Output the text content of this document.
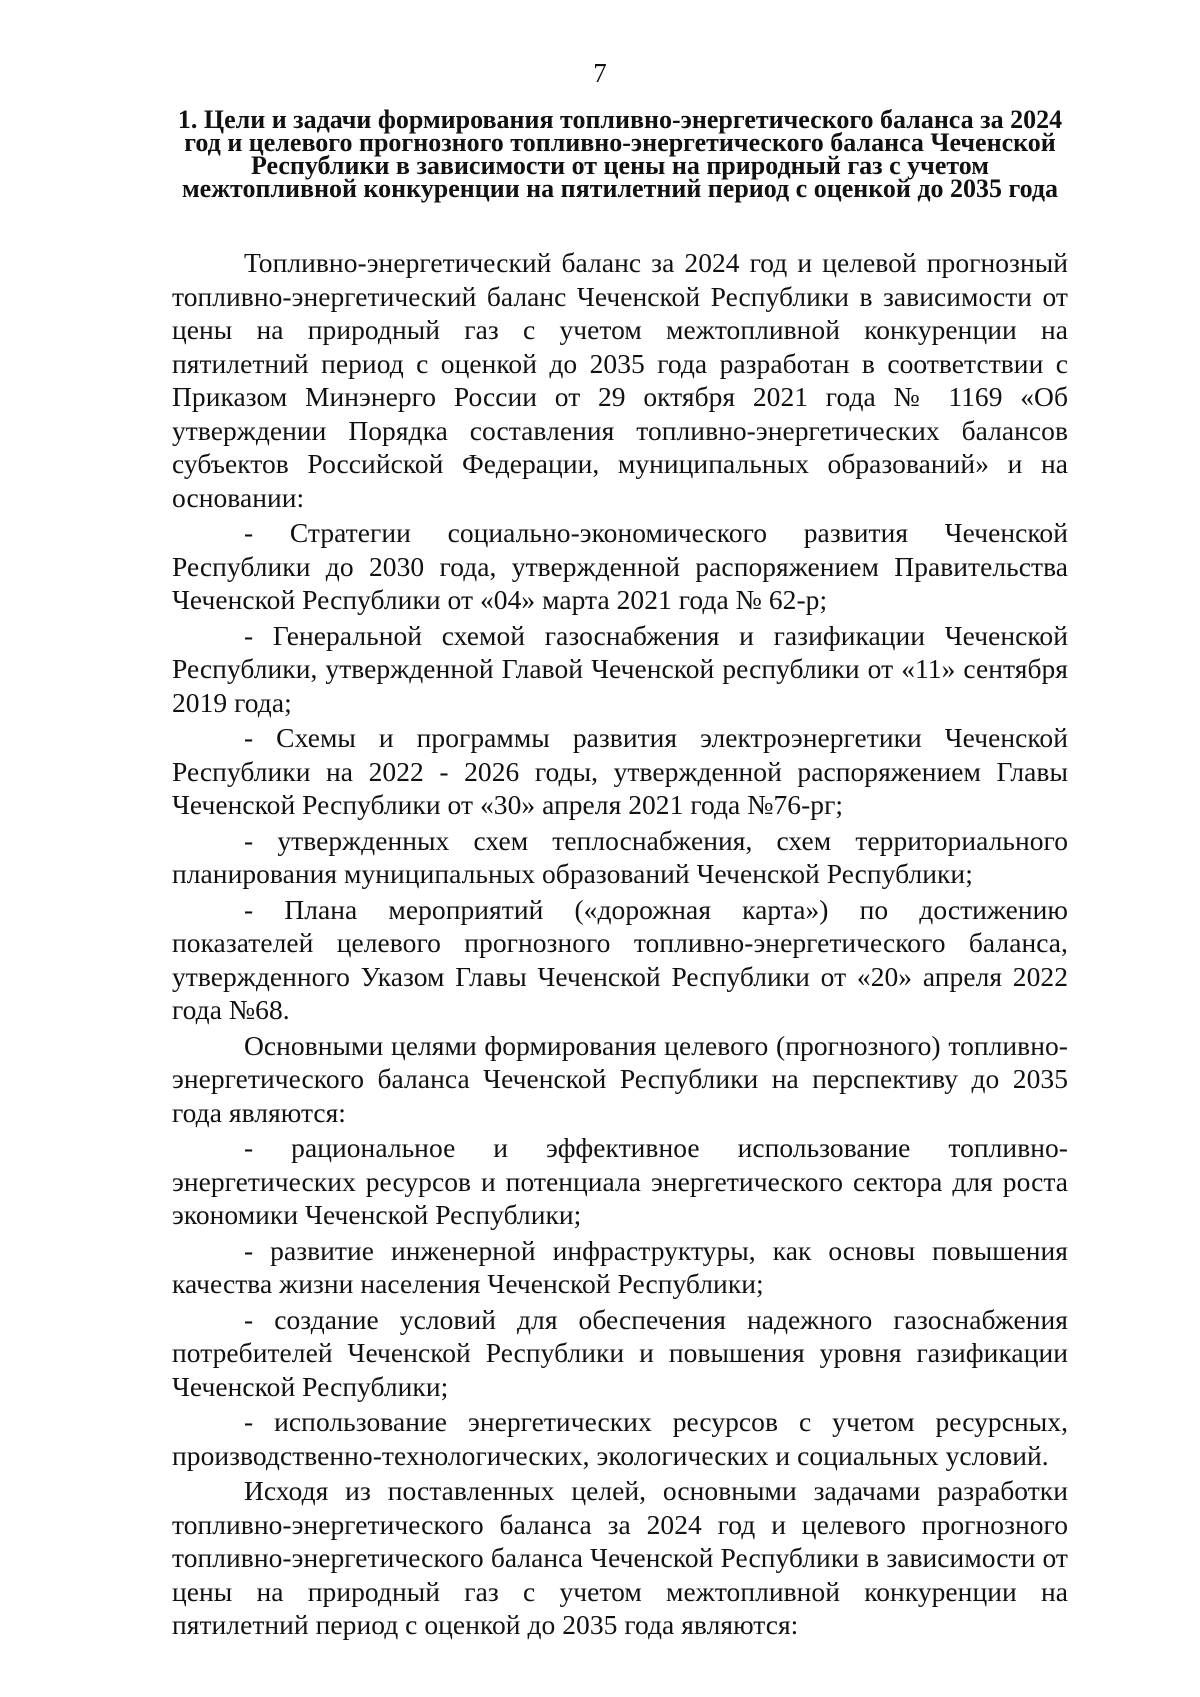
7
1. Цели и задачи формирования топливно-энергетического баланса за 2024 год и целевого прогнозного топливно-энергетического баланса Чеченской Республики в зависимости от цены на природный газ с учетом межтопливной конкуренции на пятилетний период с оценкой до 2035 года

Топливно-энергетический баланс за 2024 год и целевой прогнозный топливно-энергетический баланс Чеченской Республики в зависимости от цены на природный газ с учетом межтопливной конкуренции на пятилетний период с оценкой до 2035 года разработан в соответствии с Приказом Минэнерго России от 29 октября 2021 года № 1169 «Об утверждении Порядка составления топливно-энергетических балансов субъектов Российской Федерации, муниципальных образований» и на основании:

- Стратегии социально-экономического развития Чеченской Республики до 2030 года, утвержденной распоряжением Правительства Чеченской Республики от «04» марта 2021 года № 62-р;

- Генеральной схемой газоснабжения и газификации Чеченской Республики, утвержденной Главой Чеченской республики от «11» сентября 2019 года;

- Схемы и программы развития электроэнергетики Чеченской Республики на 2022 - 2026 годы, утвержденной распоряжением Главы Чеченской Республики от «30» апреля 2021 года №76-рг;

- утвержденных схем теплоснабжения, схем территориального планирования муниципальных образований Чеченской Республики;

- Плана мероприятий («дорожная карта») по достижению показателей целевого прогнозного топливно-энергетического баланса, утвержденного Указом Главы Чеченской Республики от «20» апреля 2022 года №68.

Основными целями формирования целевого (прогнозного) топливно-энергетического баланса Чеченской Республики на перспективу до 2035 года являются:

- рациональное и эффективное использование топливно-энергетических ресурсов и потенциала энергетического сектора для роста экономики Чеченской Республики;

- развитие инженерной инфраструктуры, как основы повышения качества жизни населения Чеченской Республики;

- создание условий для обеспечения надежного газоснабжения потребителей Чеченской Республики и повышения уровня газификации Чеченской Республики;

- использование энергетических ресурсов с учетом ресурсных, производственно-технологических, экологических и социальных условий.

Исходя из поставленных целей, основными задачами разработки топливно-энергетического баланса за 2024 год и целевого прогнозного топливно-энергетического баланса Чеченской Республики в зависимости от цены на природный газ с учетом межтопливной конкуренции на пятилетний период с оценкой до 2035 года являются:
